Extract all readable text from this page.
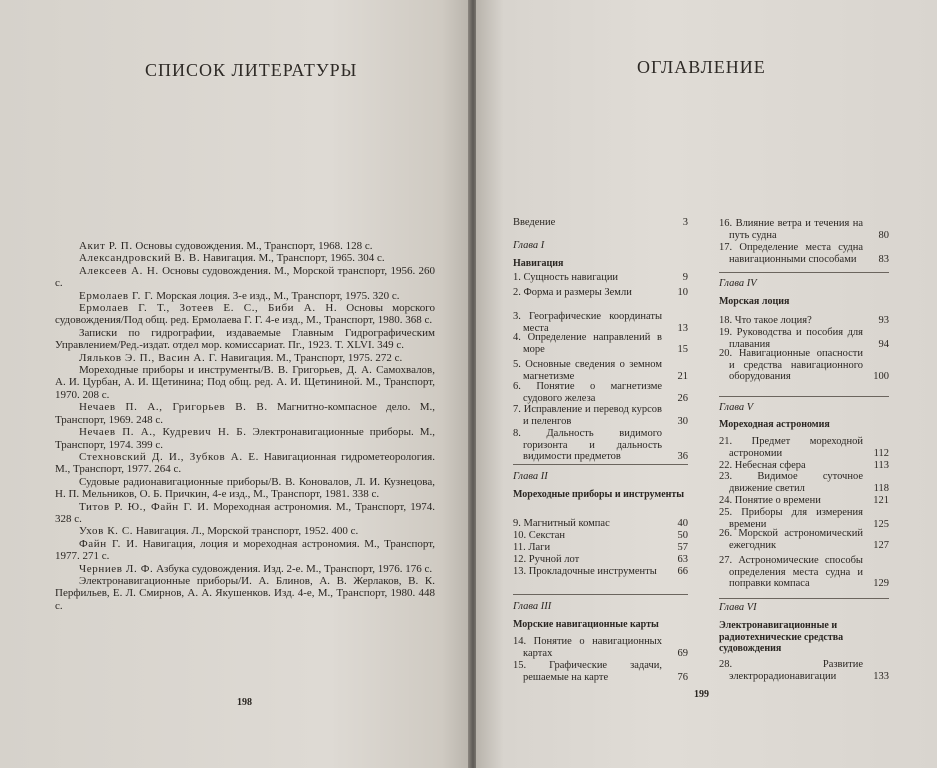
СПИСОК ЛИТЕРАТУРЫ

Акит Р. П. Основы судовождения. М., Транспорт, 1968. 128 с.

Александровский В. В. Навигация. М., Транспорт, 1965. 304 с.

Алексеев А. Н. Основы судовождения. М., Морской транспорт, 1956. 260 с.

Ермолаев Г. Г. Морская лоция. 3-е изд., М., Транспорт, 1975. 320 с.

Ермолаев Г. Т., Зотеев Е. С., Биби А. Н. Основы морского судовождения/Под общ. ред. Ермолаева Г. Г. 4-е изд., М., Транспорт, 1980. 368 с.

Записки по гидрографии, издаваемые Главным Гидрографическим Управлением/Ред.-издат. отдел мор. комиссариат. Пг., 1923. T. XLVI. 349 с.

Ляльков Э. П., Васин А. Г. Навигация. М., Транспорт, 1975. 272 с.

Мореходные приборы и инструменты/В. В. Григорьев, Д. А. Самохвалов, А. И. Цурбан, А. И. Щетинина; Под общ. ред. А. И. Щетининой. М., Транспорт, 1970. 208 с.

Нечаев П. А., Григорьев В. В. Магнитно-компасное дело. М., Транспорт, 1969. 248 с.

Нечаев П. А., Кудревич Н. Б. Электронавигационные приборы. М., Транспорт, 1974. 399 с.

Стехновский Д. И., Зубков А. Е. Навигационная гидрометеорология. М., Транспорт, 1977. 264 с.

Судовые радионавигационные приборы/В. В. Коновалов, Л. И. Кузнецова, Н. П. Мельников, О. Б. Причкин, 4-е изд., М., Транспорт, 1981. 338 с.

Титов Р. Ю., Файн Г. И. Мореходная астрономия. М., Транспорт, 1974. 328 с.

Ухов К. С. Навигация. Л., Морской транспорт, 1952. 400 с.

Файн Г. И. Навигация, лоция и мореходная астрономия. М., Транспорт, 1977. 271 с.

Черниев Л. Ф. Азбука судовождения. Изд. 2-е. М., Транспорт, 1976. 176 с.

Электронавигационные приборы/И. А. Блинов, А. В. Жерлаков, В. К. Перфильев, Е. Л. Смирнов, А. А. Якушенков. Изд. 4-е, М., Транспорт, 1980. 448 с.

198
ОГЛАВЛЕНИЕ
Введение	3
Глава I
Навигация
1. Сущность навигации	9
2. Форма и размеры Земли	10
3. Географические координаты места	13
4. Определение направлений в море	15
5. Основные сведения о земном магнетизме	21
6. Понятие о магнетизме судового железа	26
7. Исправление и перевод курсов и пеленгов	30
8. Дальность видимого горизонта и дальность видимости предметов	36
Глава II
Мореходные приборы и инструменты
9. Магнитный компас	40
10. Секстан	50
11. Лаги	57
12. Ручной лот	63
13. Прокладочные инструменты	66
Глава III
Морские навигационные карты
14. Понятие о навигационных картах	69
15. Графические задачи, решаемые на карте	76
16. Влияние ветра и течения на путь судна	80
17. Определение места судна навигационными способами	83
Глава IV
Морская лоция
18. Что такое лоция?	93
19. Руководства и пособия для плавания	94
20. Навигационные опасности и средства навигационного оборудования	100
Глава V
Мореходная астрономия
21. Предмет мореходной астрономии	112
22. Небесная сфера	113
23. Видимое суточное движение светил	118
24. Понятие о времени	121
25. Приборы для измерения времени	125
26. Морской астрономический ежегодник	127
27. Астрономические способы определения места судна и поправки компаса	129
Глава VI
Электронавигационные и радиотехнические средства судовождения
28. Развитие электрорадионавигации	133
199
